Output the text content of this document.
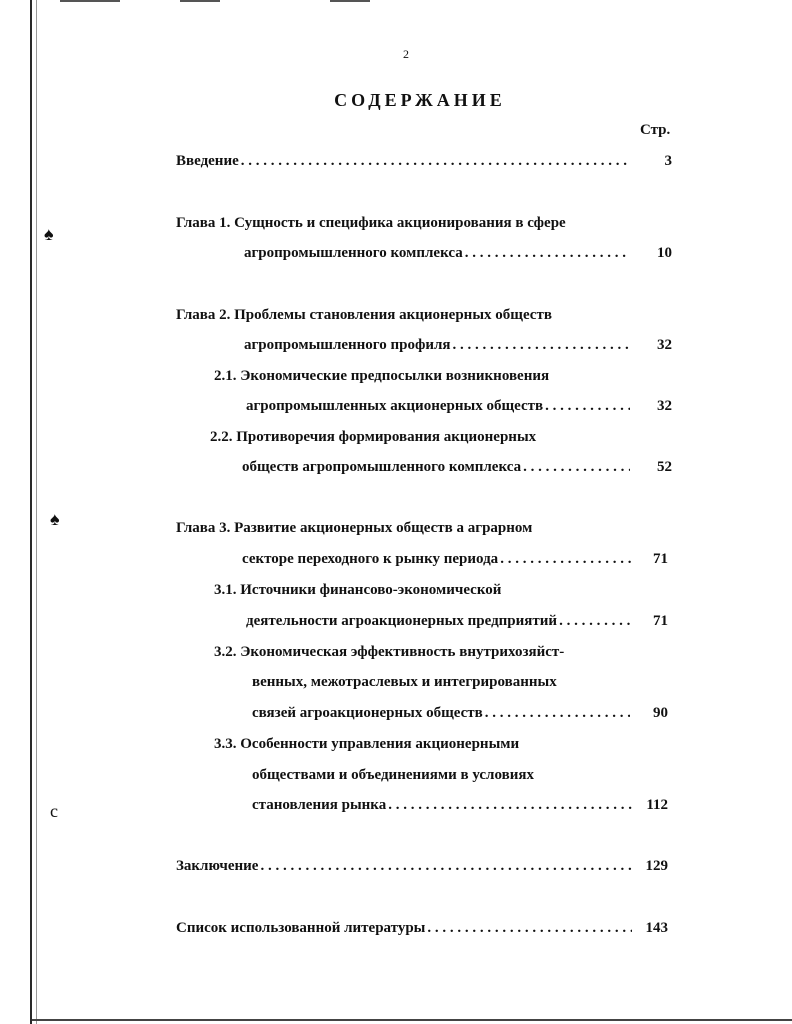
♠
♠
c
2
СОДЕРЖАНИЕ
Стр.
Введение . . .	3
Глава 1. Сущность и специфика акционирования в сфере
агропромышленного комплекса . . .	10
Глава 2. Проблемы становления акционерных обществ
агропромышленного профиля . . .	32
2.1. Экономические предпосылки возникновения
агропромышленных акционерных обществ . . .	32
2.2. Противоречия формирования акционерных
обществ агропромышленного комплекса . . .	52
Глава 3. Развитие акционерных обществ а аграрном
секторе переходного к рынку периода . . .	71
3.1. Источники финансово-экономической
деятельности агроакционерных предприятий . . .	71
3.2. Экономическая эффективность внутрихозяйст-
венных, межотраслевых и интегрированных
связей агроакционерных обществ . . .	90
3.3. Особенности управления акционерными
обществами и объединениями в условиях
становления рынка . . .	112
Заключение . . .	129
Список использованной литературы . . .	143
